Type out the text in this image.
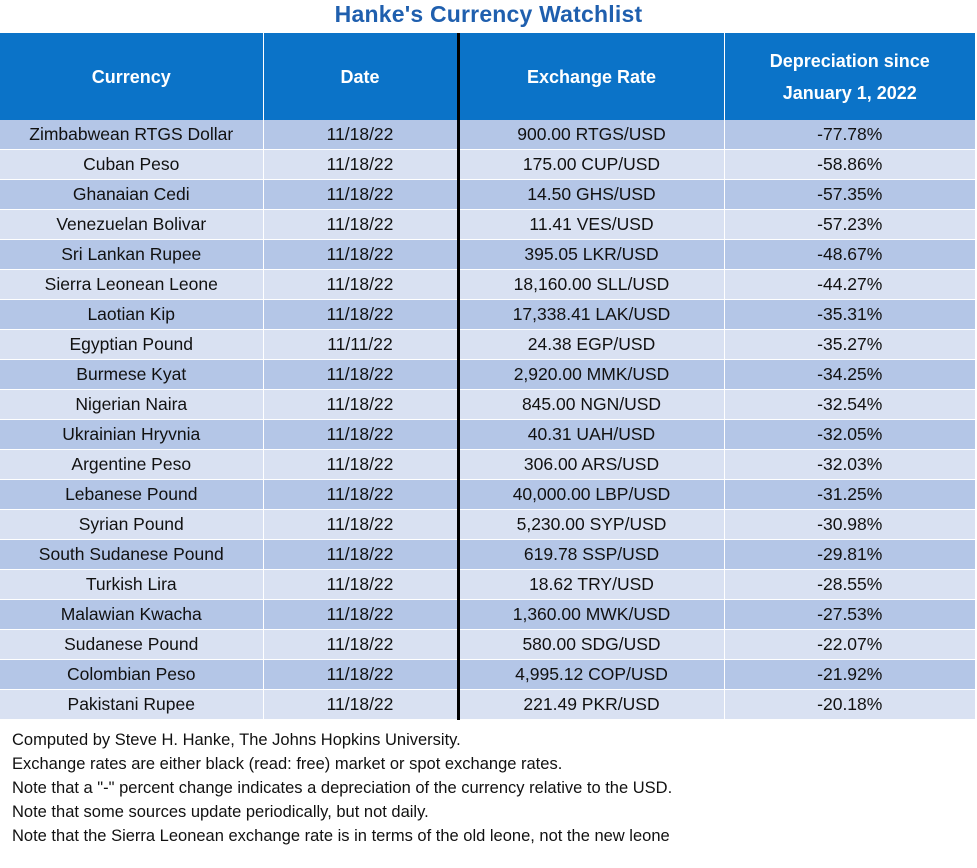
Hanke's Currency Watchlist
Currency	Date	Exchange Rate	Depreciation since
January 1, 2022

Zimbabwean RTGS Dollar	11/18/22	900.00 RTGS/USD	-77.78%
Cuban Peso	11/18/22	175.00 CUP/USD	-58.86%
Ghanaian Cedi	11/18/22	14.50 GHS/USD	-57.35%
Venezuelan Bolivar	11/18/22	11.41 VES/USD	-57.23%
Sri Lankan Rupee	11/18/22	395.05 LKR/USD	-48.67%
Sierra Leonean Leone	11/18/22	18,160.00 SLL/USD	-44.27%
Laotian Kip	11/18/22	17,338.41 LAK/USD	-35.31%
Egyptian Pound	11/11/22	24.38 EGP/USD	-35.27%
Burmese Kyat	11/18/22	2,920.00 MMK/USD	-34.25%
Nigerian Naira	11/18/22	845.00 NGN/USD	-32.54%
Ukrainian Hryvnia	11/18/22	40.31 UAH/USD	-32.05%
Argentine Peso	11/18/22	306.00 ARS/USD	-32.03%
Lebanese Pound	11/18/22	40,000.00 LBP/USD	-31.25%
Syrian Pound	11/18/22	5,230.00 SYP/USD	-30.98%
South Sudanese Pound	11/18/22	619.78 SSP/USD	-29.81%
Turkish Lira	11/18/22	18.62 TRY/USD	-28.55%
Malawian Kwacha	11/18/22	1,360.00 MWK/USD	-27.53%
Sudanese Pound	11/18/22	580.00 SDG/USD	-22.07%
Colombian Peso	11/18/22	4,995.12 COP/USD	-21.92%
Pakistani Rupee	11/18/22	221.49 PKR/USD	-20.18%
Computed by Steve H. Hanke, The Johns Hopkins University.
Exchange rates are either black (read: free) market or spot exchange rates.
Note that a "-" percent change indicates a depreciation of the currency relative to the USD.
Note that some sources update periodically, but not daily.
Note that the Sierra Leonean exchange rate is in terms of the old leone, not the new leone
